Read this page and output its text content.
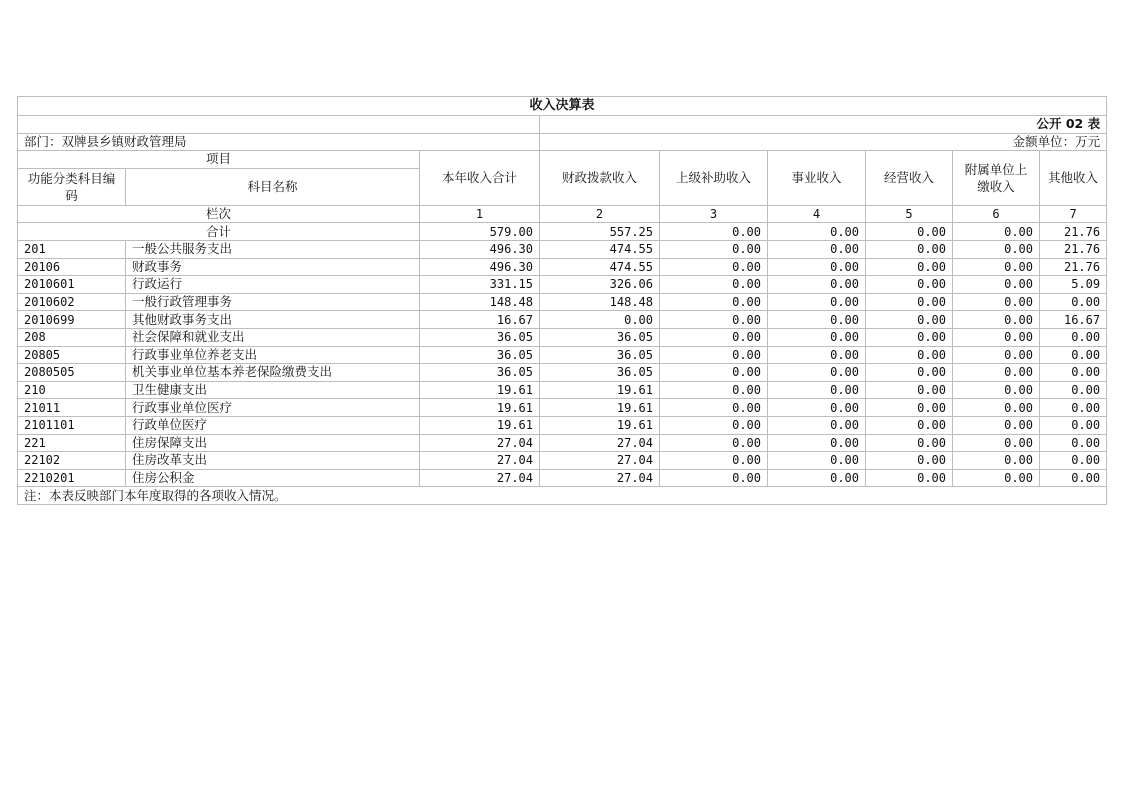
收入决算表								
			公开 02 表					
部门：双牌县乡镇财政管理局			金额单位：万元					
项目		本年收入合计	财政拨款收入	上级补助收入	事业收入	经营收入	附属单位上缴收入	其他收入
功能分类科目编码	科目名称							
栏次		1	2	3	4	5	6	7
合计		579.00	557.25	0.00	0.00	0.00	0.00	21.76
201	一般公共服务支出	496.30	474.55	0.00	0.00	0.00	0.00	21.76
20106	财政事务	496.30	474.55	0.00	0.00	0.00	0.00	21.76
2010601	行政运行	331.15	326.06	0.00	0.00	0.00	0.00	5.09
2010602	一般行政管理事务	148.48	148.48	0.00	0.00	0.00	0.00	0.00
2010699	其他财政事务支出	16.67	0.00	0.00	0.00	0.00	0.00	16.67
208	社会保障和就业支出	36.05	36.05	0.00	0.00	0.00	0.00	0.00
20805	行政事业单位养老支出	36.05	36.05	0.00	0.00	0.00	0.00	0.00
2080505	机关事业单位基本养老保险缴费支出	36.05	36.05	0.00	0.00	0.00	0.00	0.00
210	卫生健康支出	19.61	19.61	0.00	0.00	0.00	0.00	0.00
21011	行政事业单位医疗	19.61	19.61	0.00	0.00	0.00	0.00	0.00
2101101	行政单位医疗	19.61	19.61	0.00	0.00	0.00	0.00	0.00
221	住房保障支出	27.04	27.04	0.00	0.00	0.00	0.00	0.00
22102	住房改革支出	27.04	27.04	0.00	0.00	0.00	0.00	0.00
2210201	住房公积金	27.04	27.04	0.00	0.00	0.00	0.00	0.00
注：本表反映部门本年度取得的各项收入情况。								
